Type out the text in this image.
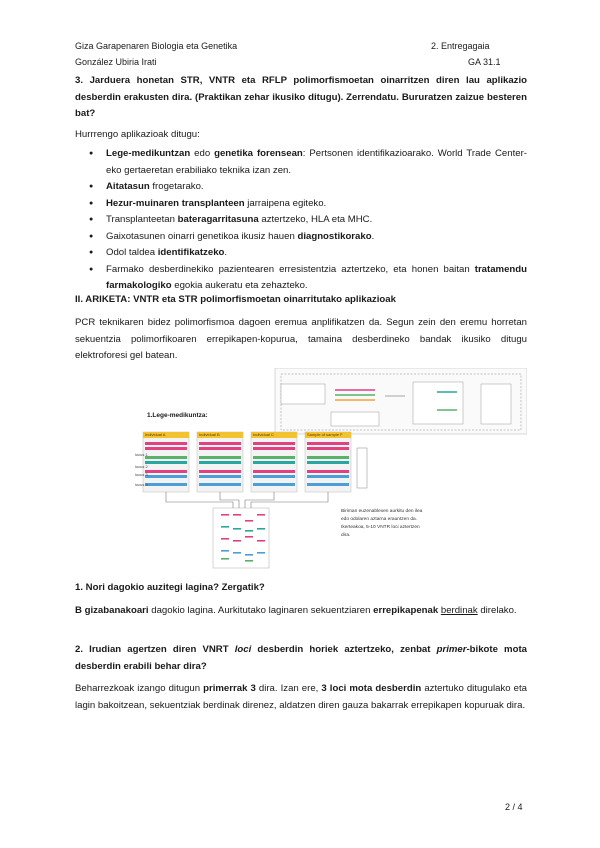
Giza Garapenaren Biologia eta Genetika	2. Entregagaia
González Ubiria Irati	GA 31.1
3. Jarduera honetan STR, VNTR eta RFLP polimorfismoetan oinarritzen diren lau aplikazio desberdin erakusten dira. (Praktikan zehar ikusiko ditugu). Zerrendatu. Bururatzen zaizue besteren bat?
Hurrrengo aplikazioak ditugu:
● Lege-medikuntzan edo genetika forensean: Pertsonen identifikazioarako. World Trade Center-eko gertaeretan erabiliako teknika izan zen.
● Aitatasun frogetarako.
● Hezur-muinaren transplanteen jarraipena egiteko.
● Transplanteetan bateragarritasuna aztertzeko, HLA eta MHC.
● Gaixotasunen oinarri genetikoa ikusiz hauen diagnostikorako.
● Odol taldea identifikatzeko.
● Farmako desberdinekiko pazientearen erresistentzia aztertzeko, eta honen baitan tratamendu farmakologiko egokia aukeratu eta zehazteko.
II. ARIKETA: VNTR eta STR polimorfismoetan oinarritutako aplikazioak
PCR teknikaren bidez polimorfismoa dagoen eremua anplifikatzen da. Segun zein den eremu horretan sekuentzia polimorfikoaren errepikapen-kopurua, tamaina desberdineko bandak ikusiko ditugu elektroforesi gel batean.
1.Lege-medikuntza:
Individual A	Individual B	Individual C	Sample of sample F
locus 1
locus 2
locus 3
locus 4
Biriman euzenablexen aurkitu den ilea edo odolaren aztarna erauntzen da. Ikerteakoa, 5-10 VNTR loci aztertzen dira.
1. Nori dagokio auzitegi lagina? Zergatik?
B gizabanakoari dagokio lagina. Aurkitutako laginaren sekuentziaren errepikapenak berdinak direlako.
2. Irudian agertzen diren VNRT loci desberdin horiek aztertzeko, zenbat primer-bikote mota desberdin erabili behar dira?
Beharrezkoak izango ditugun primerrak 3 dira. Izan ere, 3 loci mota desberdin aztertuko ditugulako eta lagin bakoitzean, sekuentziak berdinak direnez, aldatzen diren gauza bakarrak errepikapen kopuruak dira.
2 / 4
